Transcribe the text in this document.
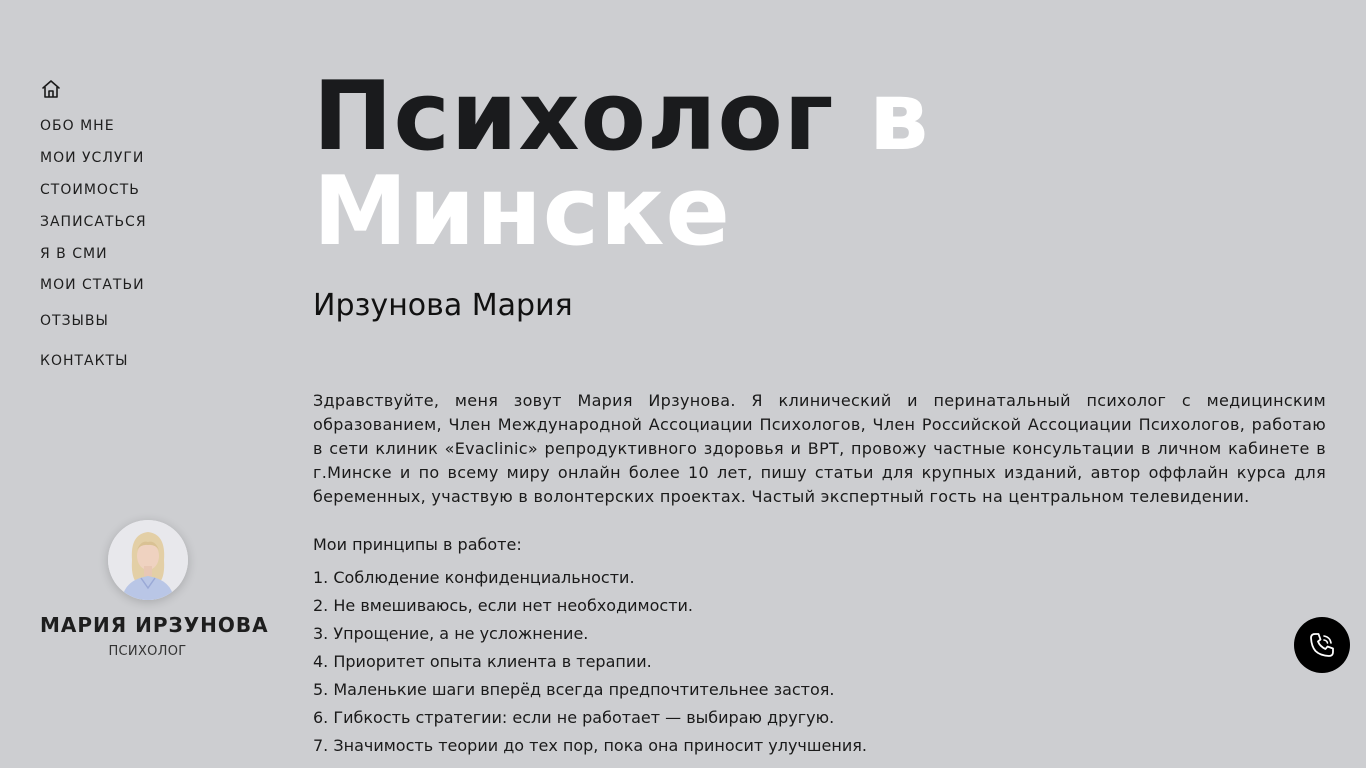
ОБО МНЕ
МОИ УСЛУГИ
СТОИМОСТЬ
ЗАПИСАТЬСЯ
Я В СМИ
МОИ СТАТЬИ
ОТЗЫВЫ
КОНТАКТЫ
МАРИЯ ИРЗУНОВА
ПСИХОЛОГ
Психолог в
Минске
Ирзунова Мария

Здравствуйте, меня зовут Мария Ирзунова. Я клинический и перинатальный психолог с медицинским образованием, Член Международной Ассоциации Психологов, Член Российской Ассоциации Психологов, работаю в сети клиник «Evaclinic» репродуктивного здоровья и ВРТ, провожу частные консультации в личном кабинете в г.Минске и по всему миру онлайн более 10 лет, пишу статьи для крупных изданий, автор оффлайн курса для беременных, участвую в волонтерских проектах. Частый экспертный гость на центральном телевидении.

Мои принципы в работе:

1. Соблюдение конфиденциальности.
2. Не вмешиваюсь, если нет необходимости.
3. Упрощение, а не усложнение.
4. Приоритет опыта клиента в терапии.
5. Маленькие шаги вперёд всегда предпочтительнее застоя.
6. Гибкость стратегии: если не работает — выбираю другую.
7. Значимость теории до тех пор, пока она приносит улучшения.
